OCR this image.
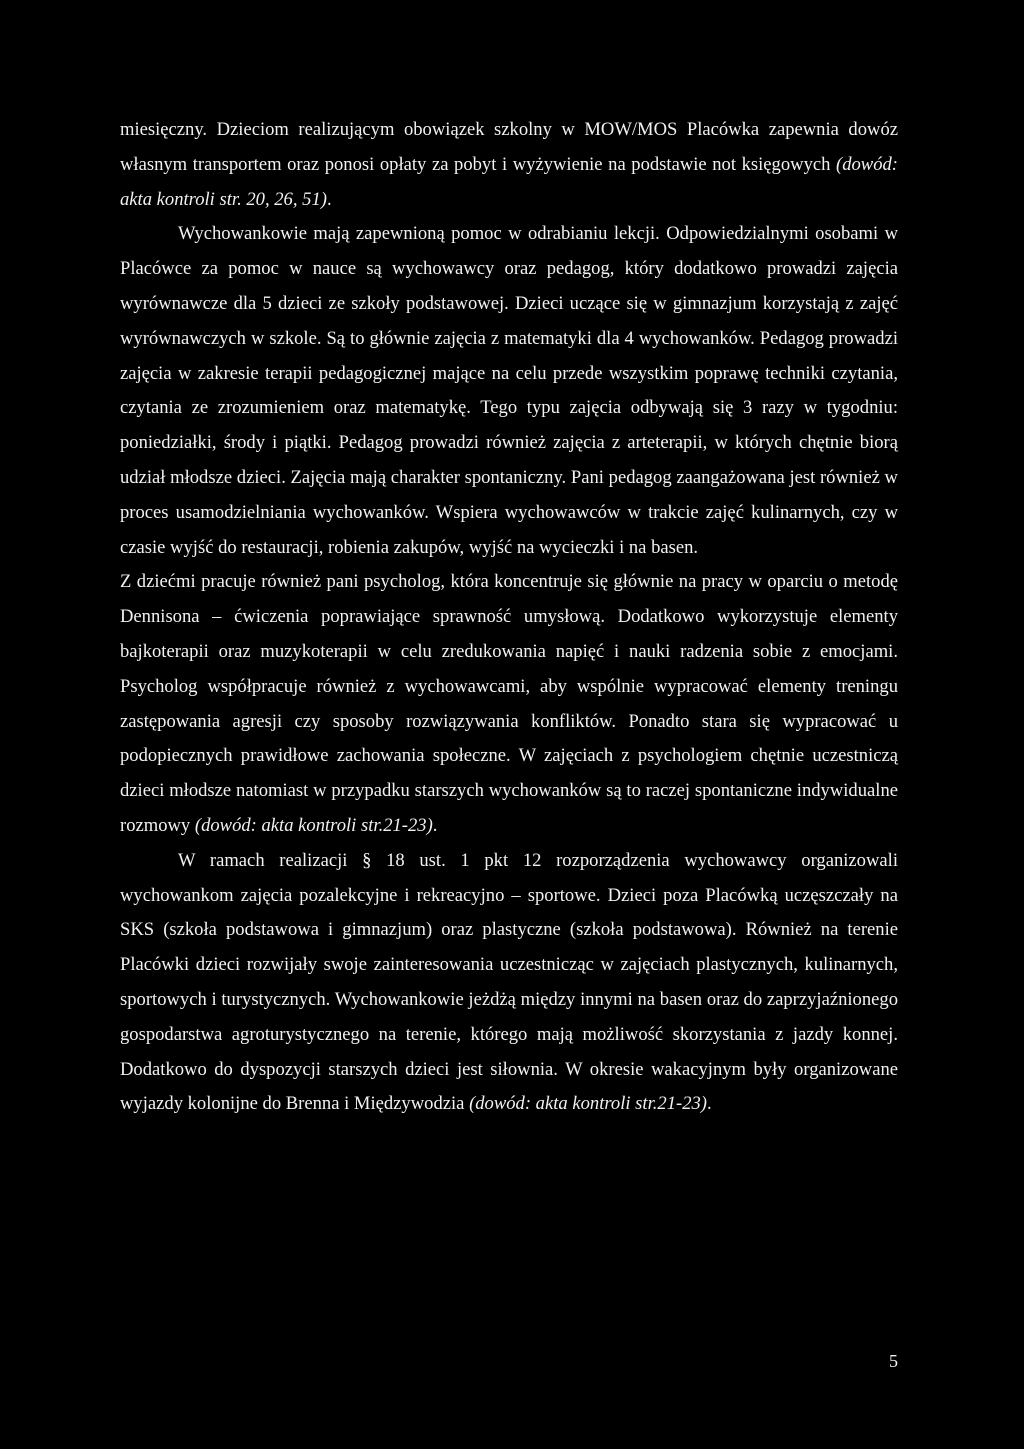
miesięczny. Dzieciom realizującym obowiązek szkolny w MOW/MOS Placówka zapewnia dowóz własnym transportem oraz ponosi opłaty za pobyt i wyżywienie na podstawie not księgowych (dowód: akta kontroli str. 20, 26, 51).

Wychowankowie mają zapewnioną pomoc w odrabianiu lekcji. Odpowiedzialnymi osobami w Placówce za pomoc w nauce są wychowawcy oraz pedagog, który dodatkowo prowadzi zajęcia wyrównawcze dla 5 dzieci ze szkoły podstawowej. Dzieci uczące się w gimnazjum korzystają z zajęć wyrównawczych w szkole. Są to głównie zajęcia z matematyki dla 4 wychowanków. Pedagog prowadzi zajęcia w zakresie terapii pedagogicznej mające na celu przede wszystkim poprawę techniki czytania, czytania ze zrozumieniem oraz matematykę. Tego typu zajęcia odbywają się 3 razy w tygodniu: poniedziałki, środy i piątki. Pedagog prowadzi również zajęcia z arteterapii, w których chętnie biorą udział młodsze dzieci. Zajęcia mają charakter spontaniczny. Pani pedagog zaangażowana jest również w proces usamodzielniania wychowanków. Wspiera wychowawców w trakcie zajęć kulinarnych, czy w czasie wyjść do restauracji, robienia zakupów, wyjść na wycieczki i na basen.

Z dziećmi pracuje również pani psycholog, która koncentruje się głównie na pracy w oparciu o metodę Dennisona – ćwiczenia poprawiające sprawność umysłową. Dodatkowo wykorzystuje elementy bajkoterapii oraz muzykoterapii w celu zredukowania napięć i nauki radzenia sobie z emocjami. Psycholog współpracuje również z wychowawcami, aby wspólnie wypracować elementy treningu zastępowania agresji czy sposoby rozwiązywania konfliktów. Ponadto stara się wypracować u podopiecznych prawidłowe zachowania społeczne. W zajęciach z psychologiem chętnie uczestniczą dzieci młodsze natomiast w przypadku starszych wychowanków są to raczej spontaniczne indywidualne rozmowy (dowód: akta kontroli str.21-23).

W ramach realizacji § 18 ust. 1 pkt 12 rozporządzenia wychowawcy organizowali wychowankom zajęcia pozalekcyjne i rekreacyjno – sportowe. Dzieci poza Placówką uczęszczały na SKS (szkoła podstawowa i gimnazjum) oraz plastyczne (szkoła podstawowa). Również na terenie Placówki dzieci rozwijały swoje zainteresowania uczestnicząc w zajęciach plastycznych, kulinarnych, sportowych i turystycznych. Wychowankowie jeżdżą między innymi na basen oraz do zaprzyjaźnionego gospodarstwa agroturystycznego na terenie, którego mają możliwość skorzystania z jazdy konnej. Dodatkowo do dyspozycji starszych dzieci jest siłownia. W okresie wakacyjnym były organizowane wyjazdy kolonijne do Brenna i Międzywodzia (dowód: akta kontroli str.21-23).

5
